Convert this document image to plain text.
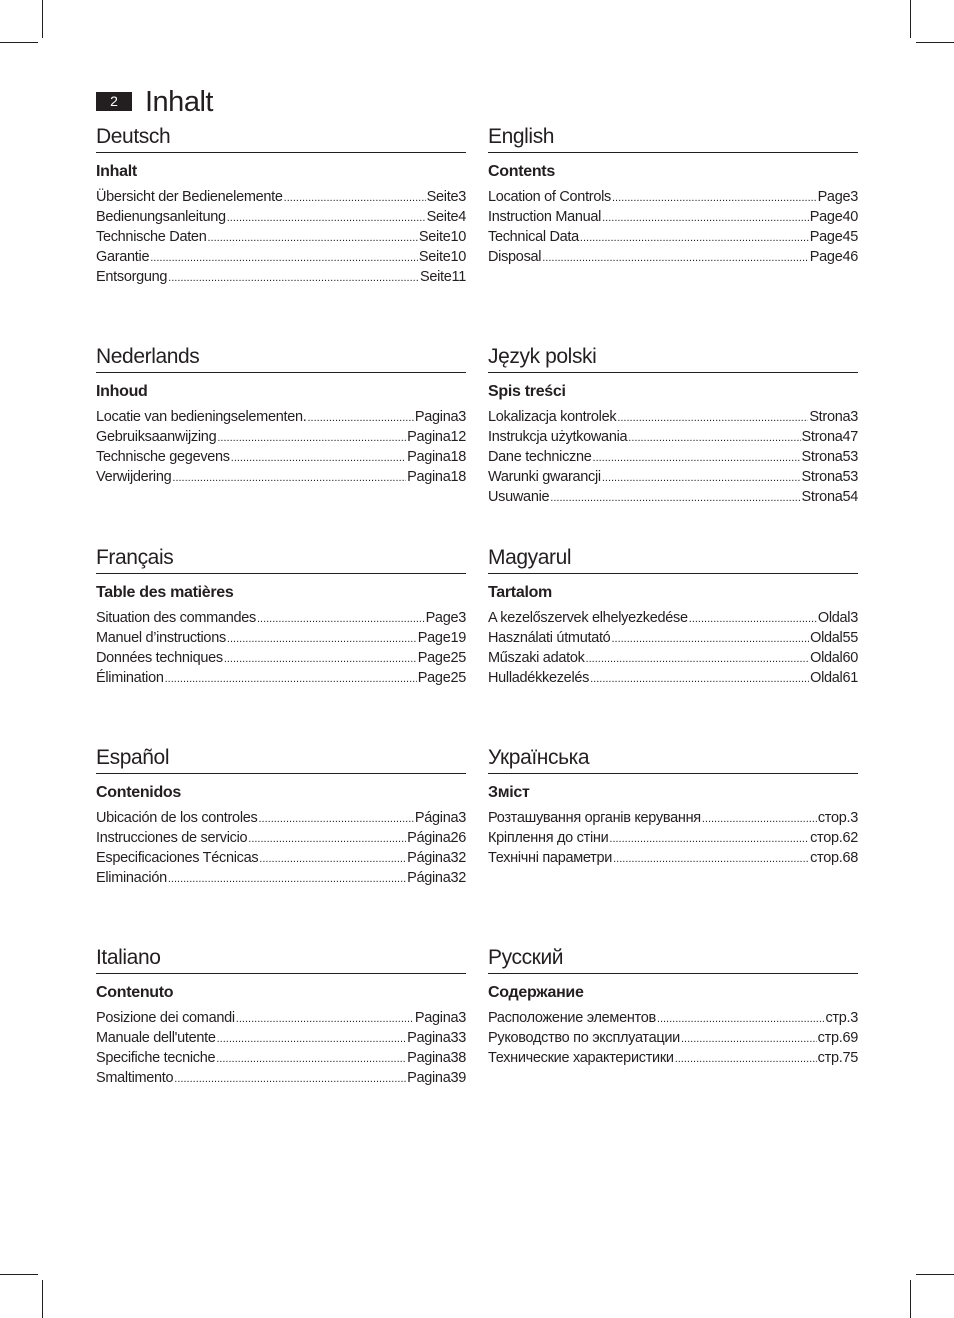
2 Inhalt
Deutsch
Inhalt
Übersicht der Bedienelemente .....	Seite 3
Bedienungsanleitung .....	Seite 4
Technische Daten .....	Seite 10
Garantie .....	Seite 10
Entsorgung .....	Seite 11
English
Contents
Location of Controls .....	Page 3
Instruction Manual .....	Page 40
Technical Data .....	Page 45
Disposal .....	Page 46
Nederlands
Inhoud
Locatie van bedieningselementen. .....	Pagina 3
Gebruiksaanwijzing .....	Pagina 12
Technische gegevens .....	Pagina 18
Verwijdering .....	Pagina 18
Język polski
Spis treści
Lokalizacja kontrolek .....	Strona 3
Instrukcja użytkowania .....	Strona 47
Dane techniczne .....	Strona 53
Warunki gwarancji .....	Strona 53
Usuwanie .....	Strona 54
Français
Table des matières
Situation des commandes .....	Page 3
Manuel d’instructions .....	Page 19
Données techniques .....	Page 25
Élimination .....	Page 25
Magyarul
Tartalom
A kezelőszervek elhelyezkedése .....	Oldal 3
Használati útmutató .....	Oldal 55
Műszaki adatok .....	Oldal 60
Hulladékkezelés .....	Oldal 61
Español
Contenidos
Ubicación de los controles .....	Página 3
Instrucciones de servicio .....	Página 26
Especificaciones Técnicas .....	Página 32
Eliminación .....	Página 32
Українська
Зміст
Розташування органів керування .....	стор. 3
Кріплення до стіни .....	стор. 62
Технічні параметри .....	стор. 68
Italiano
Contenuto
Posizione dei comandi .....	Pagina 3
Manuale dell'utente .....	Pagina 33
Specifiche tecniche .....	Pagina 38
Smaltimento .....	Pagina 39
Русский
Содержание
Расположение элементов .....	стр. 3
Руководство по эксплуатации .....	стр. 69
Технические характеристики .....	стр. 75
